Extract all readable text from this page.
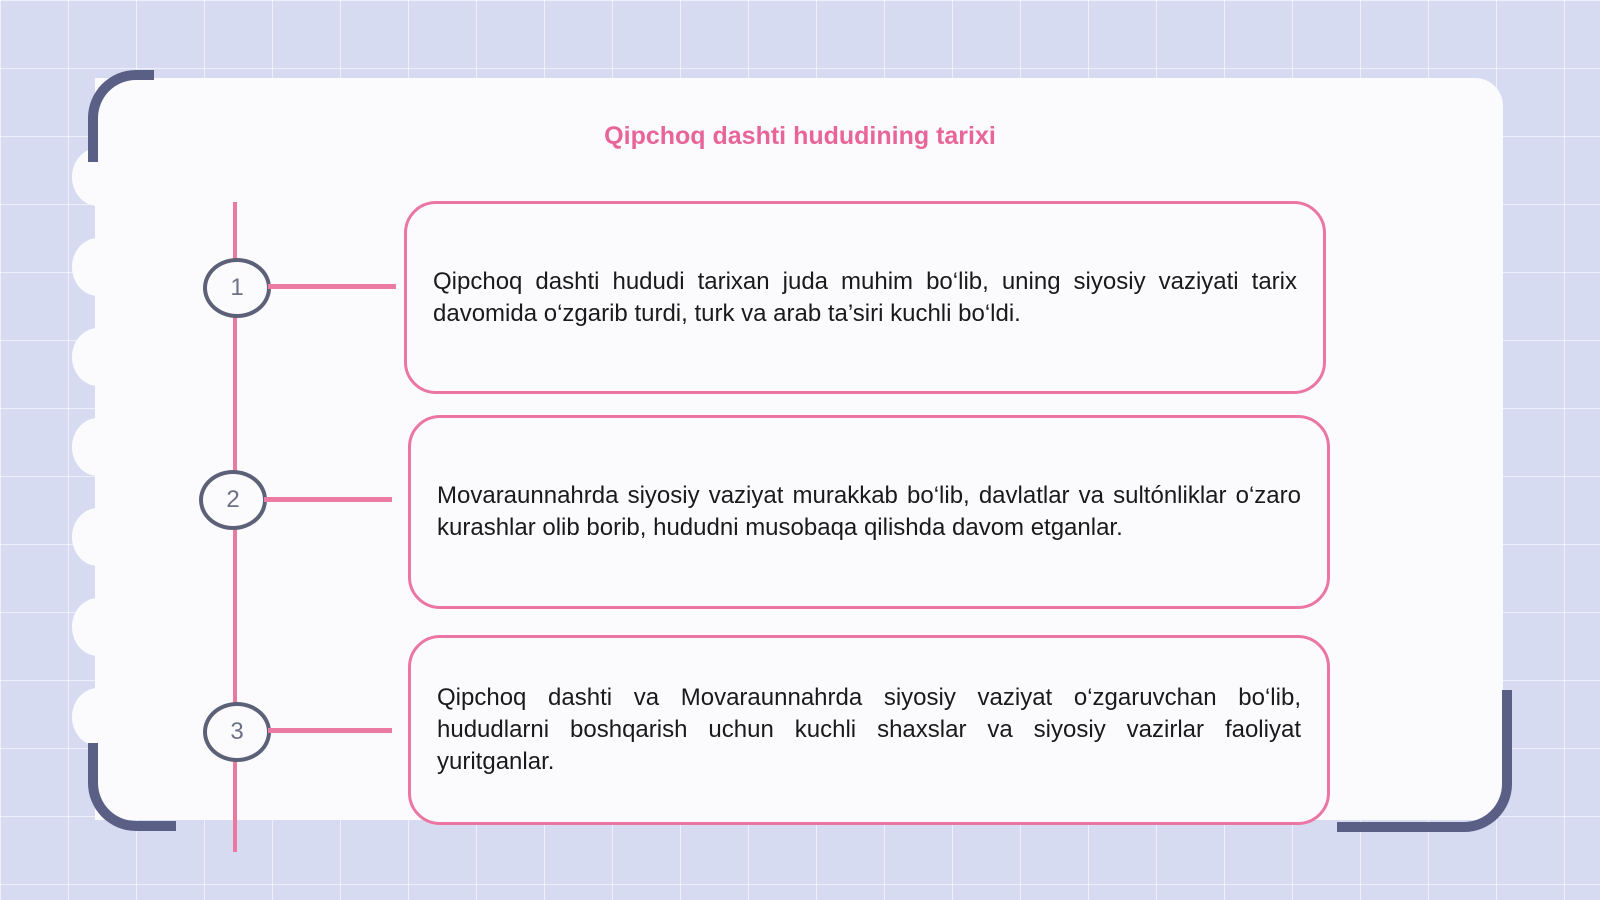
Qipchoq dashti hududining tarixi
1	Qipchoq dashti hududi tarixan juda muhim bo‘lib, uning siyosiy vaziyati tarix davomida o‘zgarib turdi, turk va arab ta’siri kuchli bo‘ldi.

2	Movaraunnahrda siyosiy vaziyat murakkab bo‘lib, davlatlar va sultónliklar o‘zaro kurashlar olib borib, hududni musobaqa qilishda davom etganlar.

3

Qipchoq dashti va Movaraunnahrda siyosiy vaziyat o‘zgaruvchan bo‘lib, hududlarni boshqarish uchun kuchli shaxslar va siyosiy vazirlar faoliyat yuritganlar.
